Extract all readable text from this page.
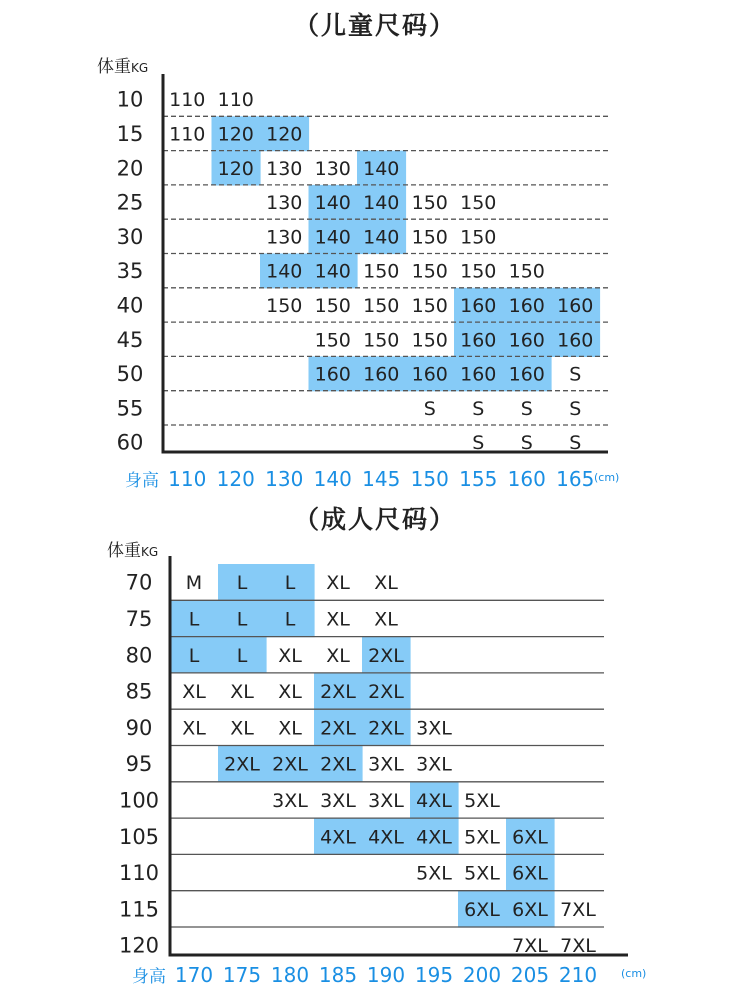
（儿童尺码）
体重KG
10
15
20
25
30
35
40
45
50
55
60
110 110
110 120 120
120 130 130 140
130 140 140 150 150
130 140 140 150 150
140 140 150 150 150 150
150 150 150 150 160 160 160
150 150 150 160 160 160
160 160 160 160 160 S
S S S S
S S S
身高 110 120 130 140 145 150 155 160 165 (cm)
（成人尺码）
体重KG
70
75
80
85
90
95
100
105
110
115
120
M L L XL XL
L L L XL XL
L L XL XL 2XL
XL XL XL 2XL 2XL
XL XL XL 2XL 2XL 3XL
2XL 2XL 2XL 3XL 3XL
3XL 3XL 3XL 4XL 5XL
4XL 4XL 4XL 5XL 6XL
5XL 5XL 6XL
6XL 6XL 7XL
7XL 7XL
身高 170 175 180 185 190 195 200 205 210 (cm)
